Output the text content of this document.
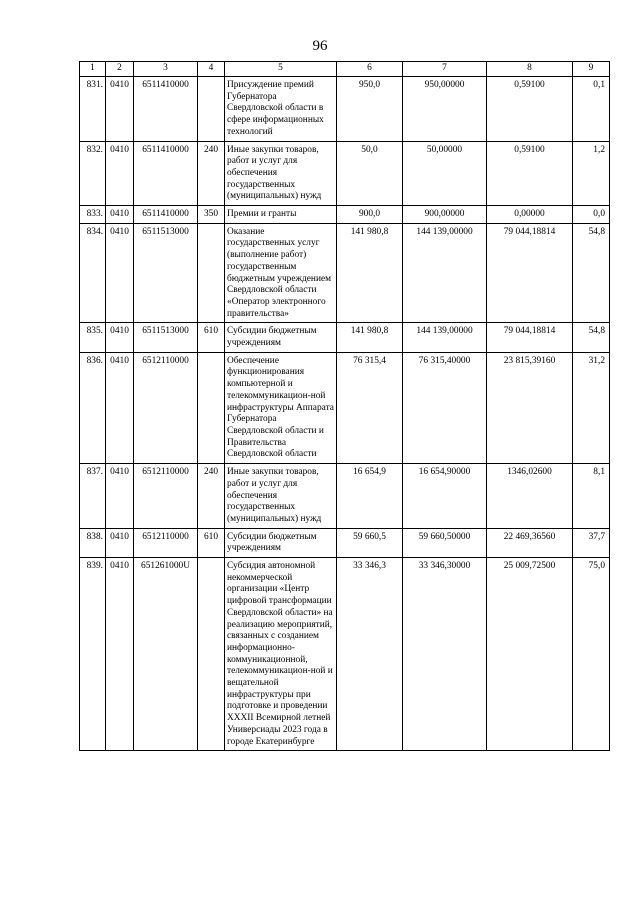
96
1	2	3	4	5	6	7	8	9
831.	0410	6511410000		Присуждение премий Губернатора Свердловской области в сфере информационных технологий	950,0	950,00000	0,59100	0,1
832.	0410	6511410000	240	Иные закупки товаров, работ и услуг для обеспечения государственных (муниципальных) нужд	50,0	50,00000	0,59100	1,2
833.	0410	6511410000	350	Премии и гранты	900,0	900,00000	0,00000	0,0
834.	0410	6511513000		Оказание государственных услуг (выполнение работ) государственным бюджетным учреждением Свердловской области «Оператор электронного правительства»	141 980,8	144 139,00000	79 044,18814	54,8
835.	0410	6511513000	610	Субсидии бюджетным учреждениям	141 980,8	144 139,00000	79 044,18814	54,8
836.	0410	6512110000		Обеспечение функционирования компьютерной и телекоммуникацион-ной инфраструктуры Аппарата Губернатора Свердловской области и Правительства Свердловской области	76 315,4	76 315,40000	23 815,39160	31,2
837.	0410	6512110000	240	Иные закупки товаров, работ и услуг для обеспечения государственных (муниципальных) нужд	16 654,9	16 654,90000	1346,02600	8,1
838.	0410	6512110000	610	Субсидии бюджетным учреждениям	59 660,5	59 660,50000	22 469,36560	37,7
839.	0410	651261000U		Субсидия автономной некоммерческой организации «Центр цифровой трансформации Свердловской области» на реализацию мероприятий, связанных с созданием информационно-коммуникационной, телекоммуникацион-ной и вещательной инфраструктуры при подготовке и проведении XXXII Всемирной летней Универсиады 2023 года в городе Екатеринбурге	33 346,3	33 346,30000	25 009,72500	75,0
